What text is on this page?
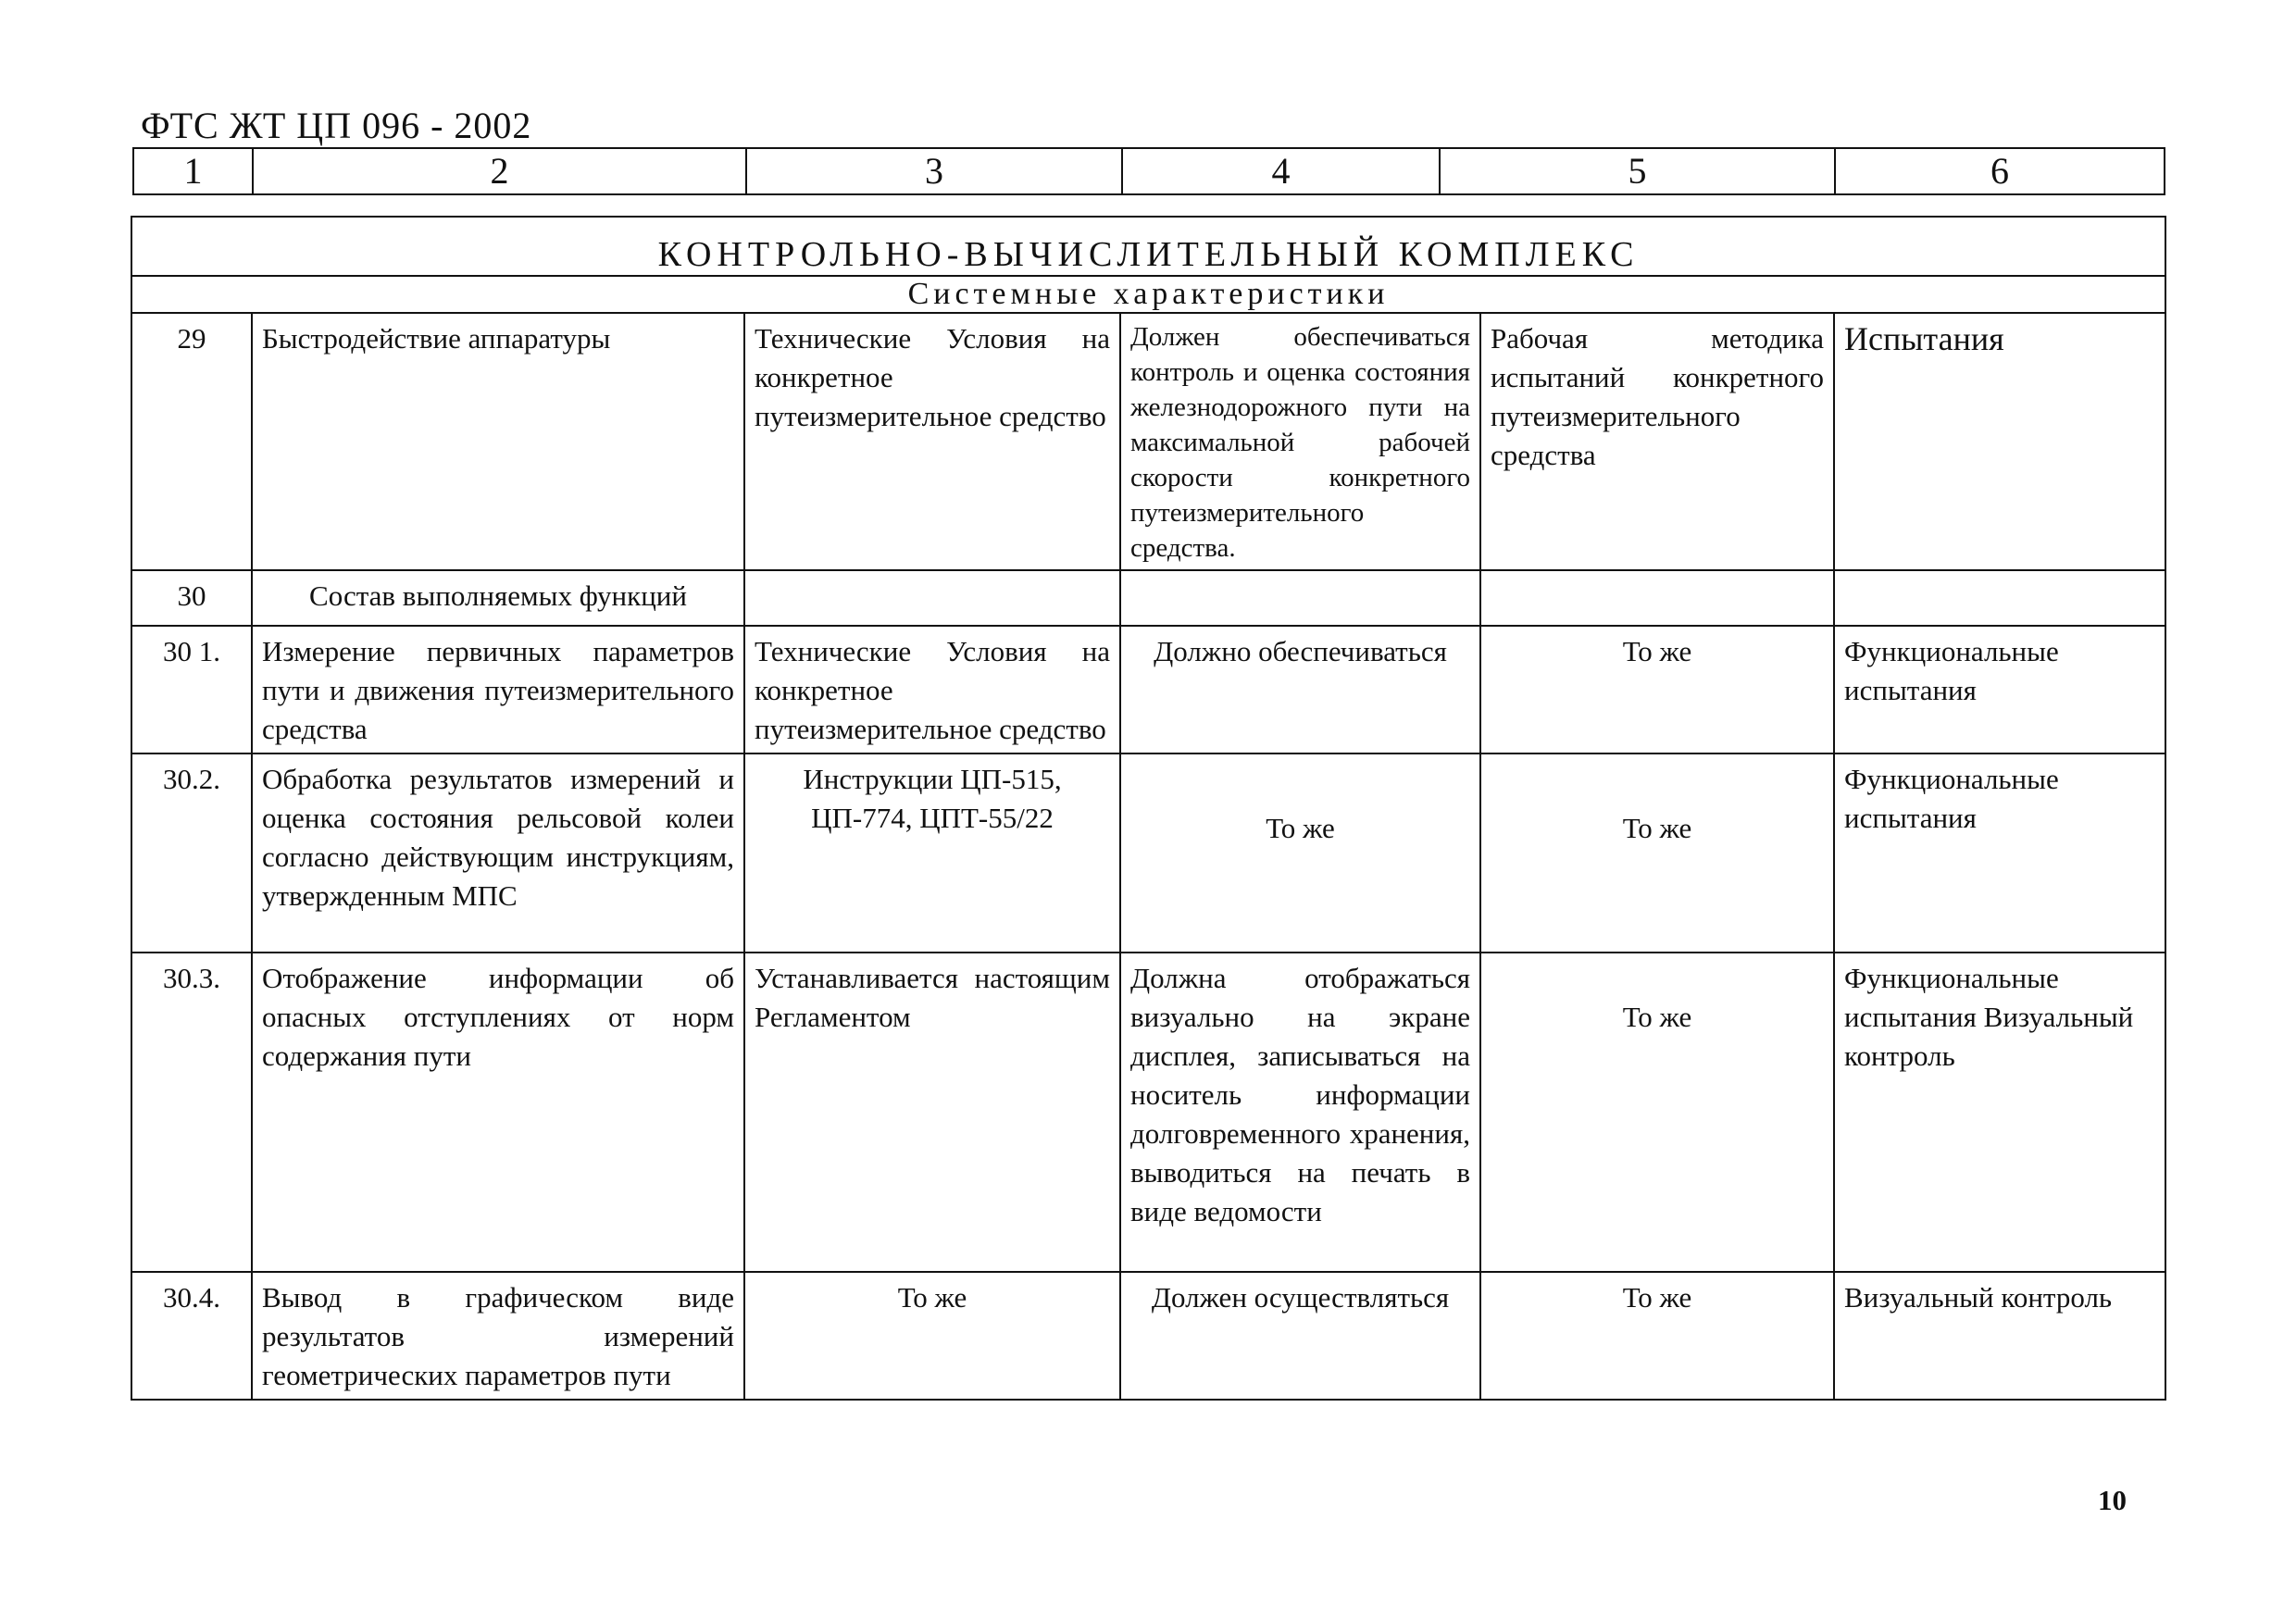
ФТС ЖТ ЦП 096 - 2002
1	2	3	4	5	6
КОНТРОЛЬНО-ВЫЧИСЛИТЕЛЬНЫЙ КОМПЛЕКС					
Системные характеристики					
29	Быстродействие аппаратуры	Технические Условия на конкретное путеизмерительное средство	Должен обеспечиваться контроль и оценка состояния железнодорожного пути на максимальной рабочей скорости конкретного путеизмерительного средства.	Рабочая методика испытаний конкретного путеизмерительного средства	Испытания
30	Состав выполняемых функций				
30 1.	Измерение первичных параметров пути и движения путеизмерительного средства	Технические Условия на конкретное путеизмерительное средство	Должно обеспечиваться	То же	Функциональные испытания
30.2.	Обработка результатов измерений и оценка состояния рельсовой колеи согласно действующим инструкциям, утвержденным МПС	Инструкции ЦП-515, ЦП-774, ЦПТ-55/22	То же	То же	Функциональные испытания
30.3.	Отображение информации об опасных отступлениях от норм содержания пути	Устанавливается настоящим Регламентом	Должна отображаться визуально на экране дисплея, записываться на носитель информации долговременного хранения, выводиться на печать в виде ведомости	То же	Функциональные испытания Визуальный контроль
30.4.	Вывод в графическом виде результатов измерений геометрических параметров пути	То же	Должен осуществляться	То же	Визуальный контроль
10
